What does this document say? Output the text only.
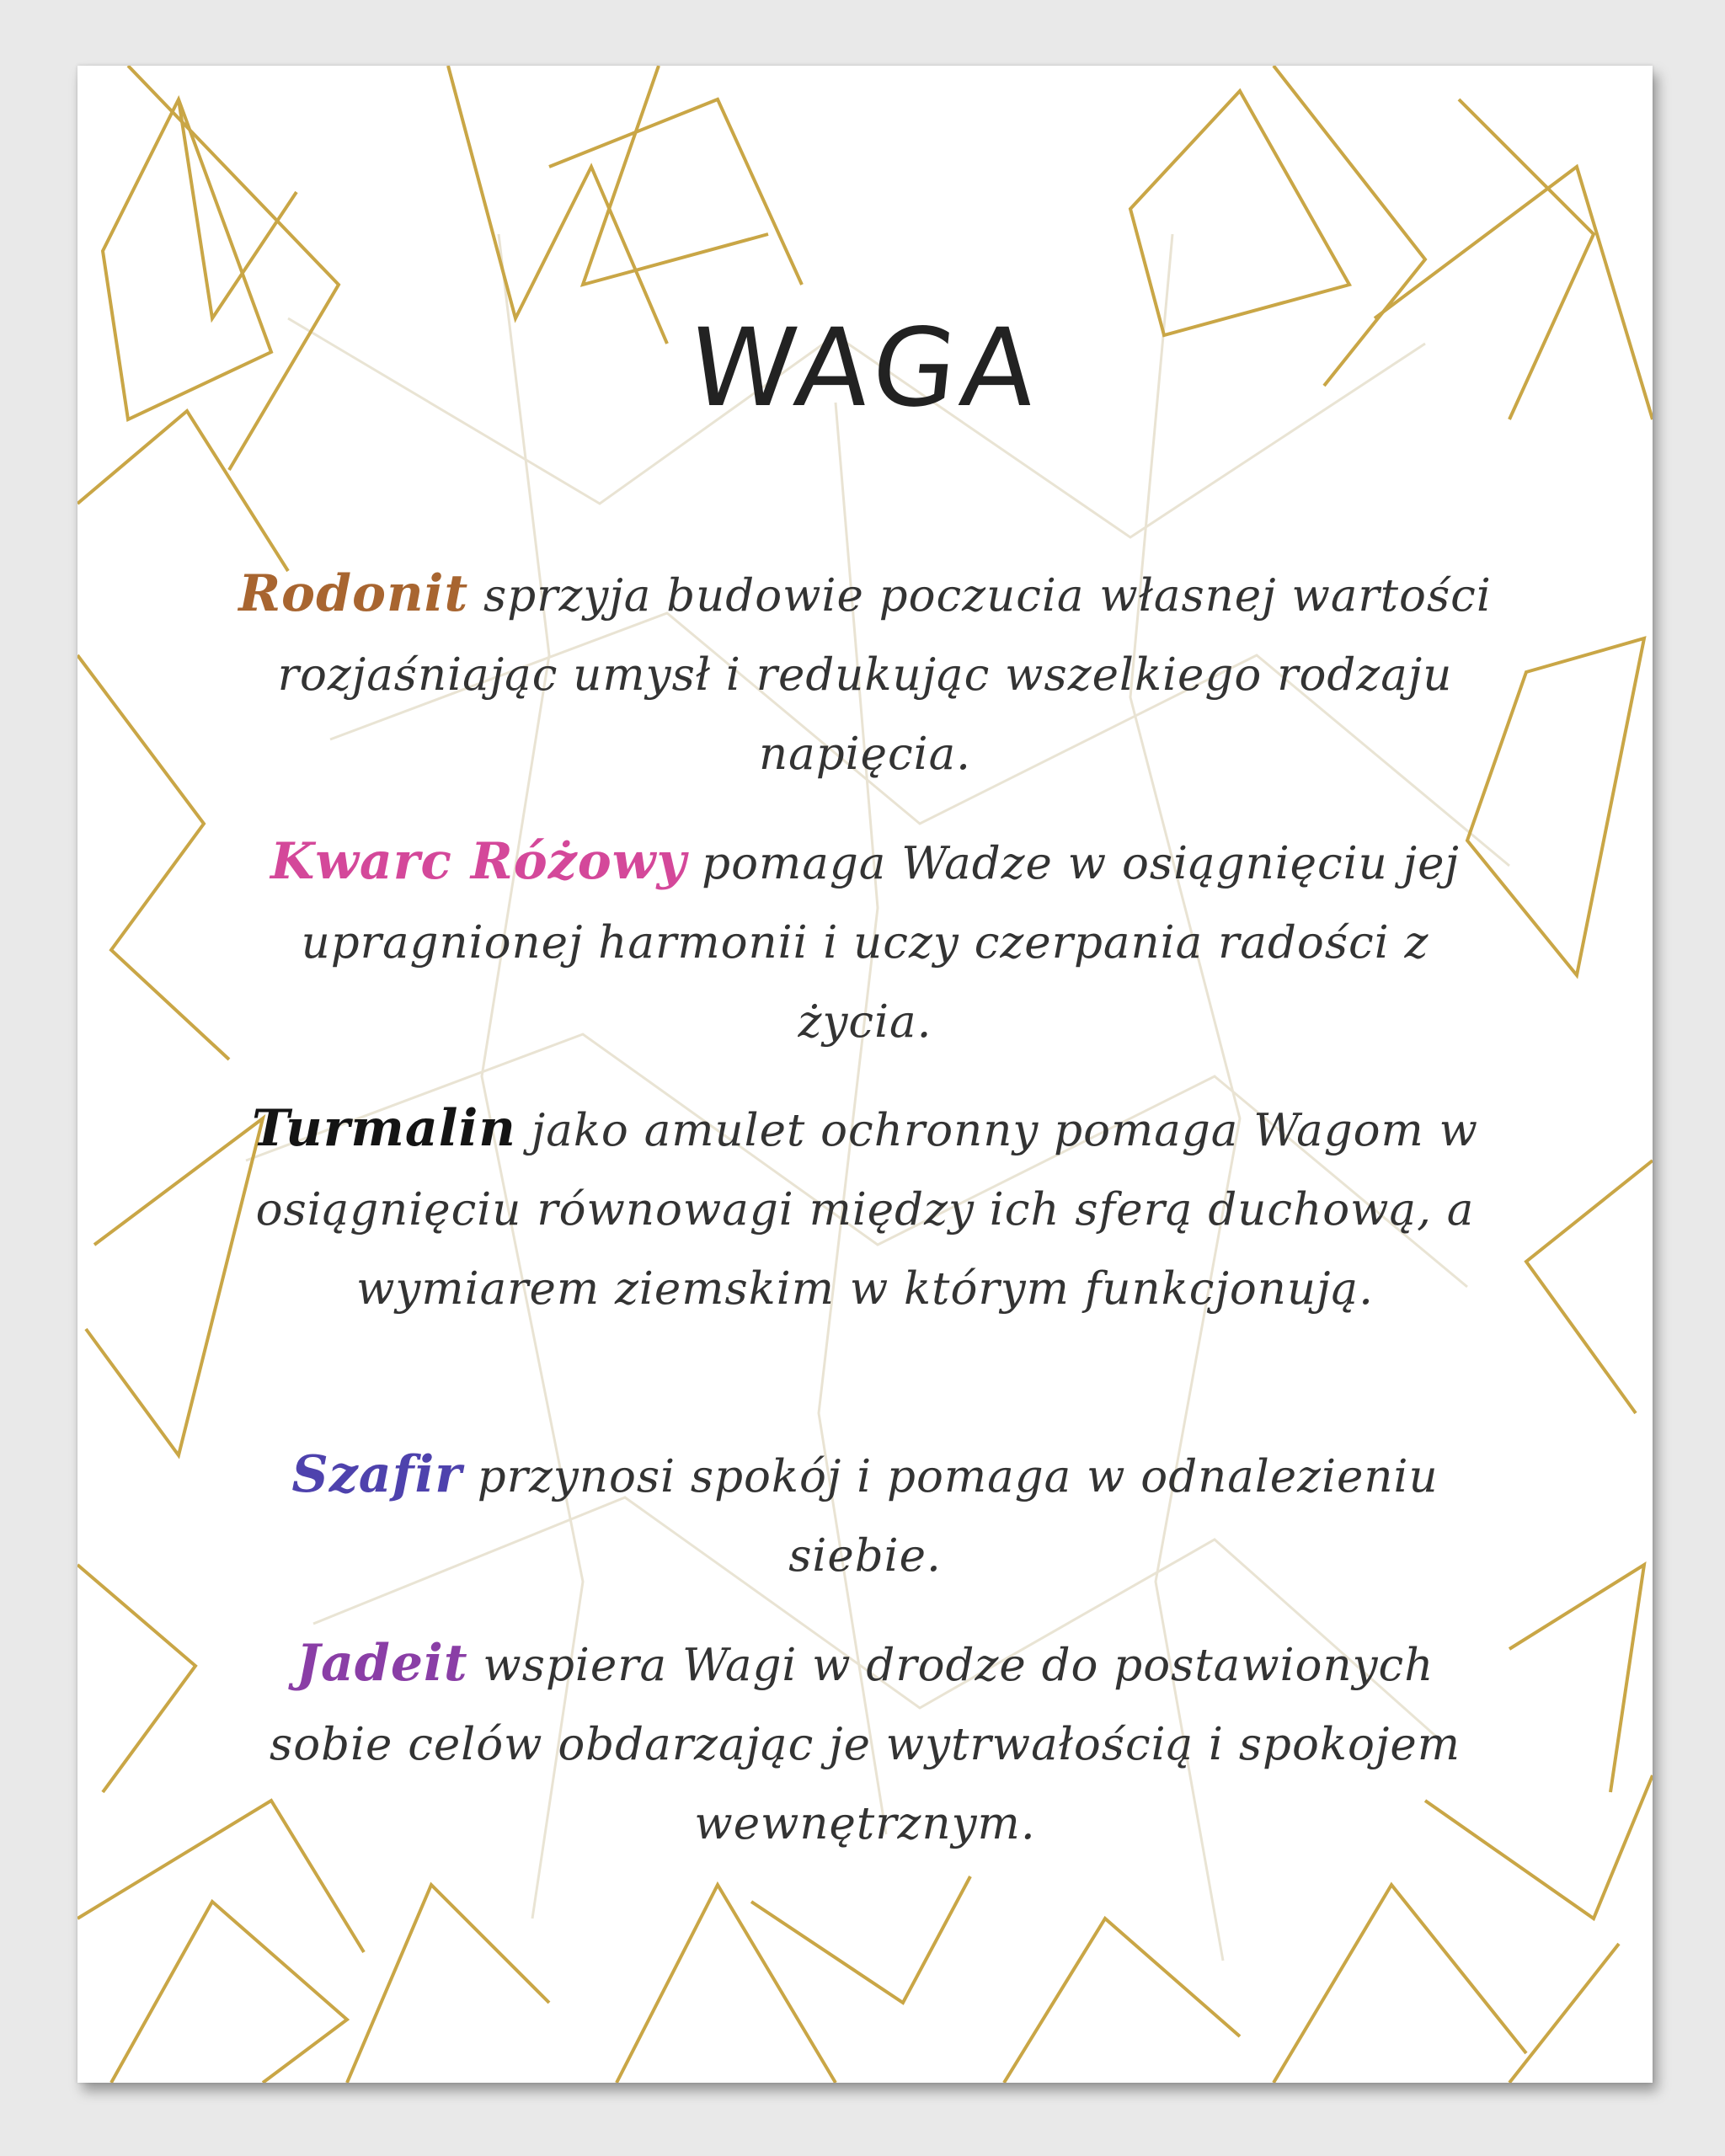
WAGA
Rodonit sprzyja budowie poczucia własnej wartości rozjaśniając umysł i redukując wszelkiego rodzaju napięcia.
Kwarc Różowy pomaga Wadze w osiągnięciu jej upragnionej harmonii i uczy czerpania radości z życia.
Turmalin jako amulet ochronny pomaga Wagom w osiągnięciu równowagi między ich sferą duchową, a wymiarem ziemskim w którym funkcjonują.
Szafir przynosi spokój i pomaga w odnalezieniu siebie.
Jadeit wspiera Wagi w drodze do postawionych sobie celów obdarzając je wytrwałością i spokojem wewnętrznym.
